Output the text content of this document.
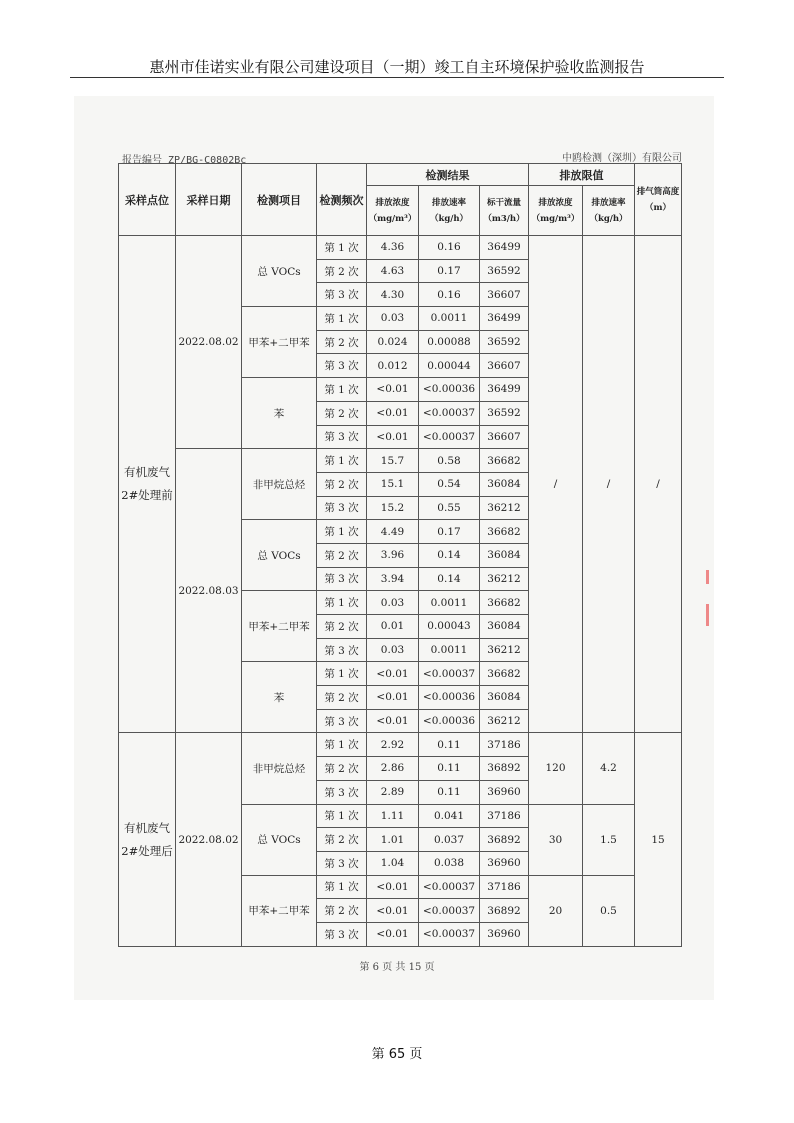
惠州市佳诺实业有限公司建设项目（一期）竣工自主环境保护验收监测报告
报告编号 ZP/BG-C0802Bc	中鸥检测（深圳）有限公司
采样点位	采样日期	检测项目	检测频次	检测结果			排放限值		排气筒高度（m）
				排放浓度（mg/m³）	排放速率（kg/h）	标干流量（m3/h）	排放浓度（mg/m³）	排放速率（kg/h）	
有机废气 2#处理前	2022.08.02	总 VOCs	第 1 次	4.36	0.16	36499	/	/	/
			第 2 次	4.63	0.17	36592			
			第 3 次	4.30	0.16	36607			
		甲苯+二甲苯	第 1 次	0.03	0.0011	36499			
			第 2 次	0.024	0.00088	36592			
			第 3 次	0.012	0.00044	36607			
		苯	第 1 次	<0.01	<0.00036	36499			
			第 2 次	<0.01	<0.00037	36592			
			第 3 次	<0.01	<0.00037	36607			
	2022.08.03	非甲烷总烃	第 1 次	15.7	0.58	36682			
			第 2 次	15.1	0.54	36084			
			第 3 次	15.2	0.55	36212			
		总 VOCs	第 1 次	4.49	0.17	36682			
			第 2 次	3.96	0.14	36084			
			第 3 次	3.94	0.14	36212			
		甲苯+二甲苯	第 1 次	0.03	0.0011	36682			
			第 2 次	0.01	0.00043	36084			
			第 3 次	0.03	0.0011	36212			
		苯	第 1 次	<0.01	<0.00037	36682			
			第 2 次	<0.01	<0.00036	36084			
			第 3 次	<0.01	<0.00036	36212			
有机废气 2#处理后	2022.08.02	非甲烷总烃	第 1 次	2.92	0.11	37186	120	4.2	15
			第 2 次	2.86	0.11	36892			
			第 3 次	2.89	0.11	36960			
		总 VOCs	第 1 次	1.11	0.041	37186	30	1.5	
			第 2 次	1.01	0.037	36892			
			第 3 次	1.04	0.038	36960			
		甲苯+二甲苯	第 1 次	<0.01	<0.00037	37186	20	0.5	
			第 2 次	<0.01	<0.00037	36892			
			第 3 次	<0.01	<0.00037	36960			
第 6 页 共 15 页
第 65 页
